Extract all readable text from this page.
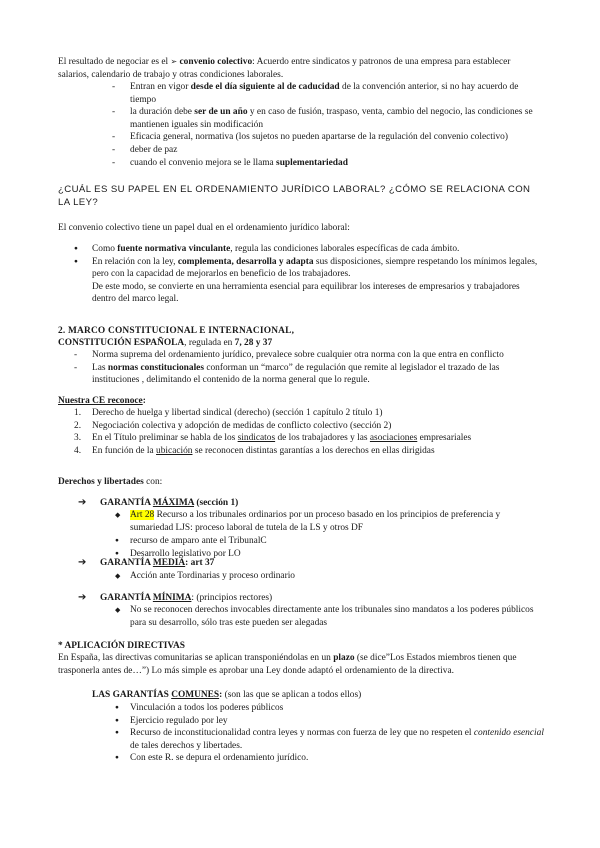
El resultado de negociar es el ➢ convenio colectivo: Acuerdo entre sindicatos y patronos de una empresa para establecer salarios, calendario de trabajo y otras condiciones laborales.
- Entran en vigor desde el día siguiente al de caducidad de la convención anterior, si no hay acuerdo de tiempo
- la duración debe ser de un año y en caso de fusión, traspaso, venta, cambio del negocio, las condiciones se mantienen iguales sin modificación
- Eficacia general, normativa (los sujetos no pueden apartarse de la regulación del convenio colectivo)
- deber de paz
- cuando el convenio mejora se le llama suplementariedad
¿CUÁL ES SU PAPEL EN EL ORDENAMIENTO JURÍDICO LABORAL? ¿CÓMO SE RELACIONA CON LA LEY?
El convenio colectivo tiene un papel dual en el ordenamiento jurídico laboral:
● Como fuente normativa vinculante, regula las condiciones laborales específicas de cada ámbito.
● En relación con la ley, complementa, desarrolla y adapta sus disposiciones, siempre respetando los mínimos legales, pero con la capacidad de mejorarlos en beneficio de los trabajadores.
De este modo, se convierte en una herramienta esencial para equilibrar los intereses de empresarios y trabajadores dentro del marco legal.
2. MARCO CONSTITUCIONAL E INTERNACIONAL,
CONSTITUCIÓN ESPAÑOLA, regulada en 7, 28 y 37
- Norma suprema del ordenamiento jurídico, prevalece sobre cualquier otra norma con la que entra en conflicto
- Las normas constitucionales conforman un “marco” de regulación que remite al legislador el trazado de las instituciones , delimitando el contenido de la norma general que lo regule.
Nuestra CE reconoce:
1. Derecho de huelga y libertad sindical (derecho) (sección 1 capítulo 2 título 1)
2. Negociación colectiva y adopción de medidas de conflicto colectivo (sección 2)
3. En el Título preliminar se habla de los sindicatos de los trabajadores y las asociaciones empresariales
4. En función de la ubicación se reconocen distintas garantías a los derechos en ellas dirigidas
Derechos y libertades con:
➔ GARANTÍA MÁXIMA (sección 1)
◆ Art 28 Recurso a los tribunales ordinarios por un proceso basado en los principios de preferencia y sumariedad LJS: proceso laboral de tutela de la LS y otros DF
● recurso de amparo ante el TribunalC
● Desarrollo legislativo por LO
➔ GARANTÍA MEDIA: art 37
◆ Acción ante Tordinarias y proceso ordinario
➔ GARANTÍA MÍNIMA: (principios rectores)
◆ No se reconocen derechos invocables directamente ante los tribunales sino mandatos a los poderes públicos para su desarrollo, sólo tras este pueden ser alegadas
* APLICACIÓN DIRECTIVAS
En España, las directivas comunitarias se aplican transponiéndolas en un plazo (se dice”Los Estados miembros tienen que trasponerla antes de…”) Lo más simple es aprobar una Ley donde adaptó el ordenamiento de la directiva.
LAS GARANTÍAS COMUNES: (son las que se aplican a todos ellos)
● Vinculación a todos los poderes públicos
● Ejercicio regulado por ley
● Recurso de inconstitucionalidad contra leyes y normas con fuerza de ley que no respeten el contenido esencial de tales derechos y libertades.
● Con este R. se depura el ordenamiento jurídico.
